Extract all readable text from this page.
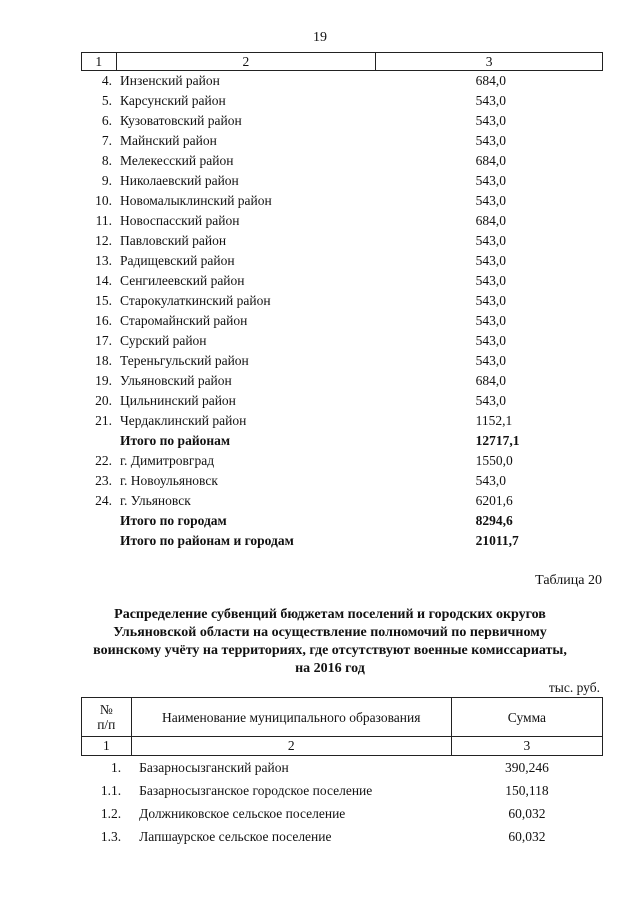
19
1	2	3
4.	Инзенский район	684,0
5.	Карсунский район	543,0
6.	Кузоватовский район	543,0
7.	Майнский район	543,0
8.	Мелекесский район	684,0
9.	Николаевский район	543,0
10.	Новомалыклинский район	543,0
11.	Новоспасский район	684,0
12.	Павловский район	543,0
13.	Радищевский район	543,0
14.	Сенгилеевский район	543,0
15.	Старокулаткинский район	543,0
16.	Старомайнский район	543,0
17.	Сурский район	543,0
18.	Тереньгульский район	543,0
19.	Ульяновский район	684,0
20.	Цильнинский район	543,0
21.	Чердаклинский район	1152,1
	Итого по районам	12717,1
22.	г. Димитровград	1550,0
23.	г. Новоульяновск	543,0
24.	г. Ульяновск	6201,6
	Итого по городам	8294,6
	Итого по районам и городам	21011,7
Таблица 20
Распределение субвенций бюджетам поселений и городских округов
Ульяновской области на осуществление полномочий по первичному
воинскому учёту на территориях, где отсутствуют военные комиссариаты,
на 2016 год
тыс. руб.
№
п/п	Наименование муниципального образования	Сумма
1	2	3
1.	Базарносызганский район	390,246
1.1.	Базарносызганское городское поселение	150,118
1.2.	Должниковское сельское поселение	60,032
1.3.	Лапшаурское сельское поселение	60,032
